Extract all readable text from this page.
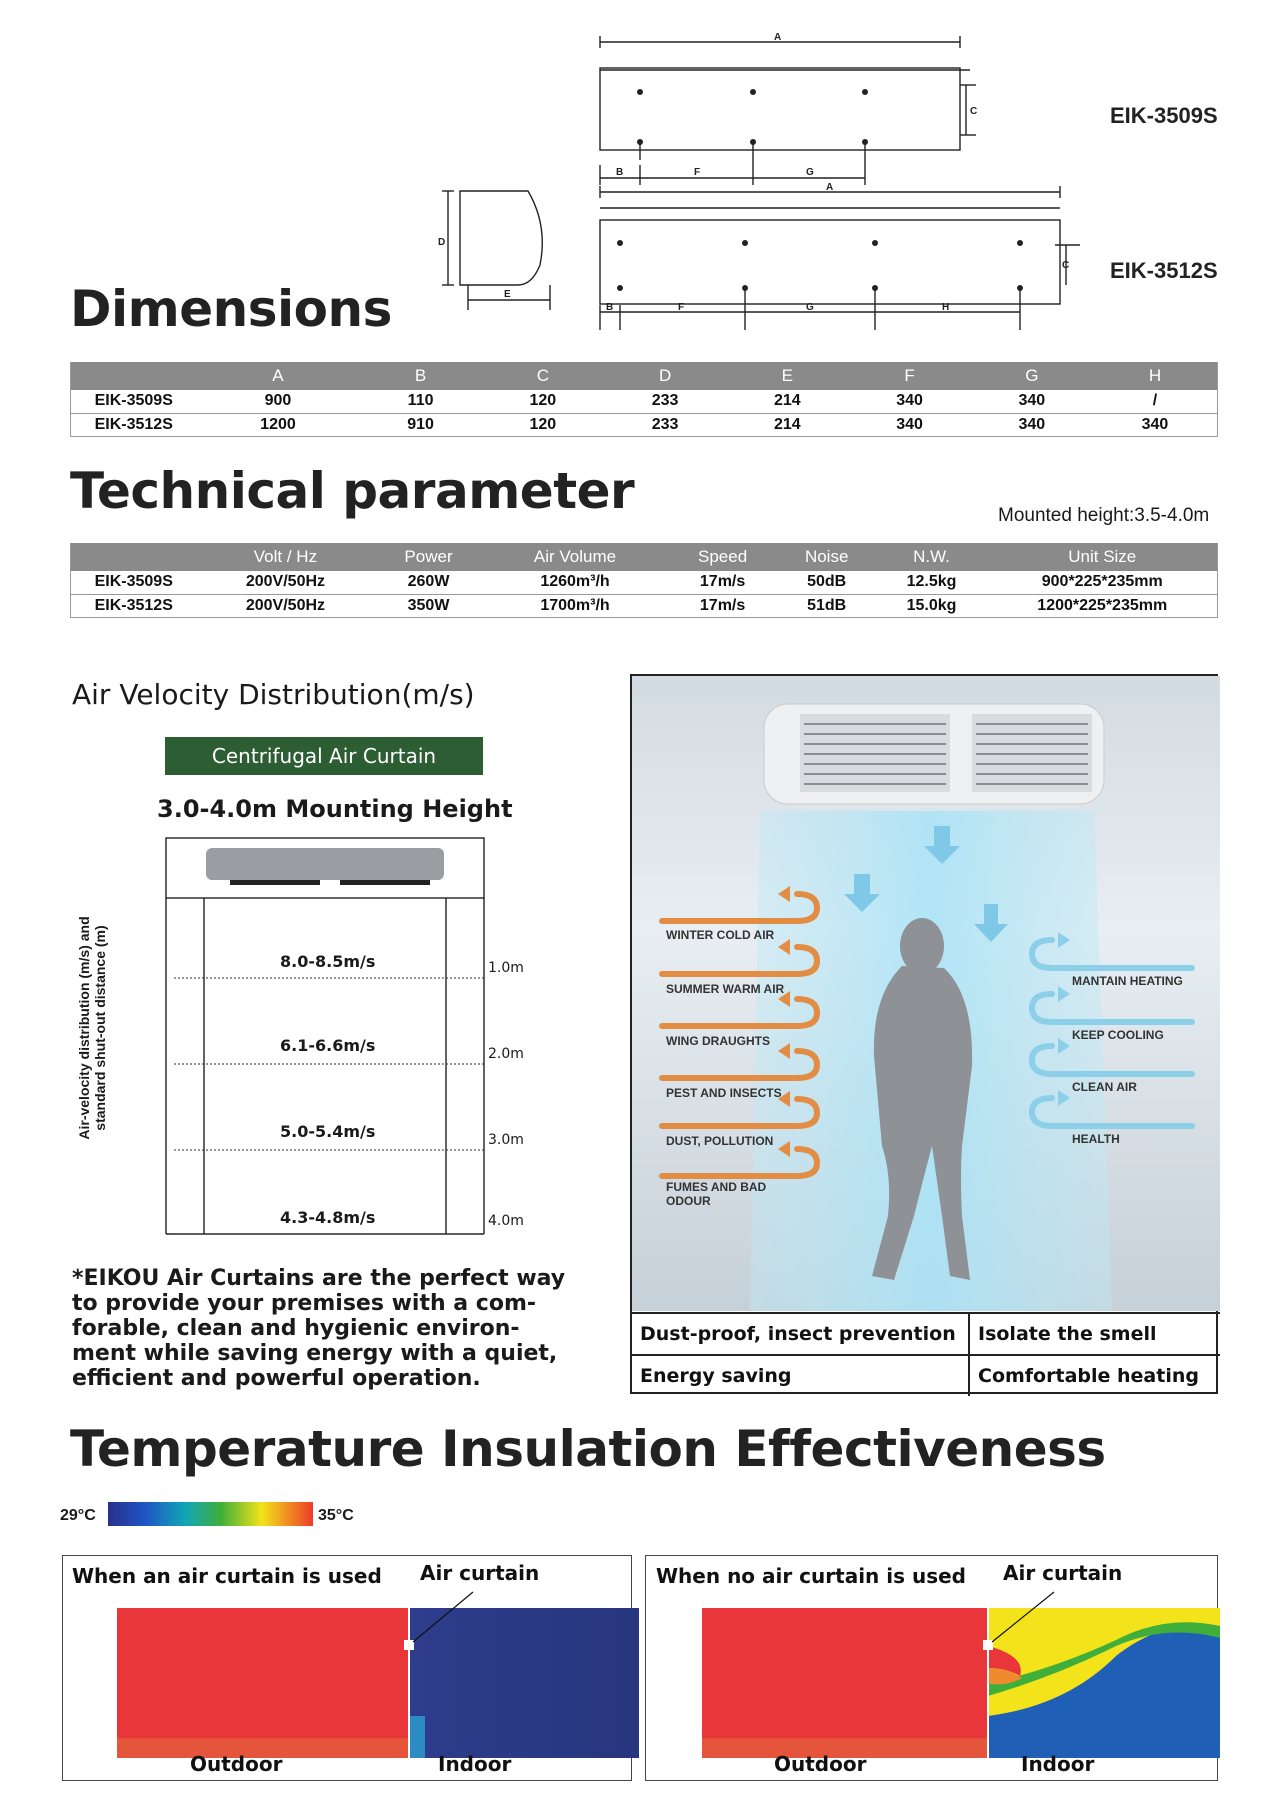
A
C
B	F	G
A
C
B	F	G	H
D
E
EIK-3509S
EIK-3512S
Dimensions
	A	B	C	D	E	F	G	H
EIK-3509S	900	110	120	233	214	340	340	/
EIK-3512S	1200	910	120	233	214	340	340	340
Technical parameter	Mounted height:3.5-4.0m
	Volt / Hz	Power	Air Volume	Speed	Noise	N.W.	Unit Size
EIK-3509S	200V/50Hz	260W	1260m³/h	17m/s	50dB	12.5kg	900*225*235mm
EIK-3512S	200V/50Hz	350W	1700m³/h	17m/s	51dB	15.0kg	1200*225*235mm
Air Velocity Distribution(m/s)
Centrifugal Air Curtain
3.0-4.0m Mounting Height
Air-velocity distribution (m/s) and standard shut-out distance (m)	8.0-8.5m/s
6.1-6.6m/s
5.0-5.4m/s
4.3-4.8m/s
1.0m
2.0m
3.0m
4.0m
*EIKOU Air Curtains are the perfect way to provide your premises with a com-forable, clean and hygienic environ-ment while saving energy with a quiet, efficient and powerful operation.
WINTER COLD AIR
SUMMER WARM AIR
WING DRAUGHTS
PEST AND INSECTS
DUST, POLLUTION
FUMES AND BAD ODOUR
MANTAIN HEATING
KEEP COOLING
CLEAN AIR
HEALTH
Dust-proof, insect prevention	Isolate the smell
Energy saving	Comfortable heating
Temperature Insulation Effectiveness
29°C	35°C
When an air curtain is used Air curtain
Outdoor	Indoor
When no air curtain is used Air curtain
Outdoor	Indoor
